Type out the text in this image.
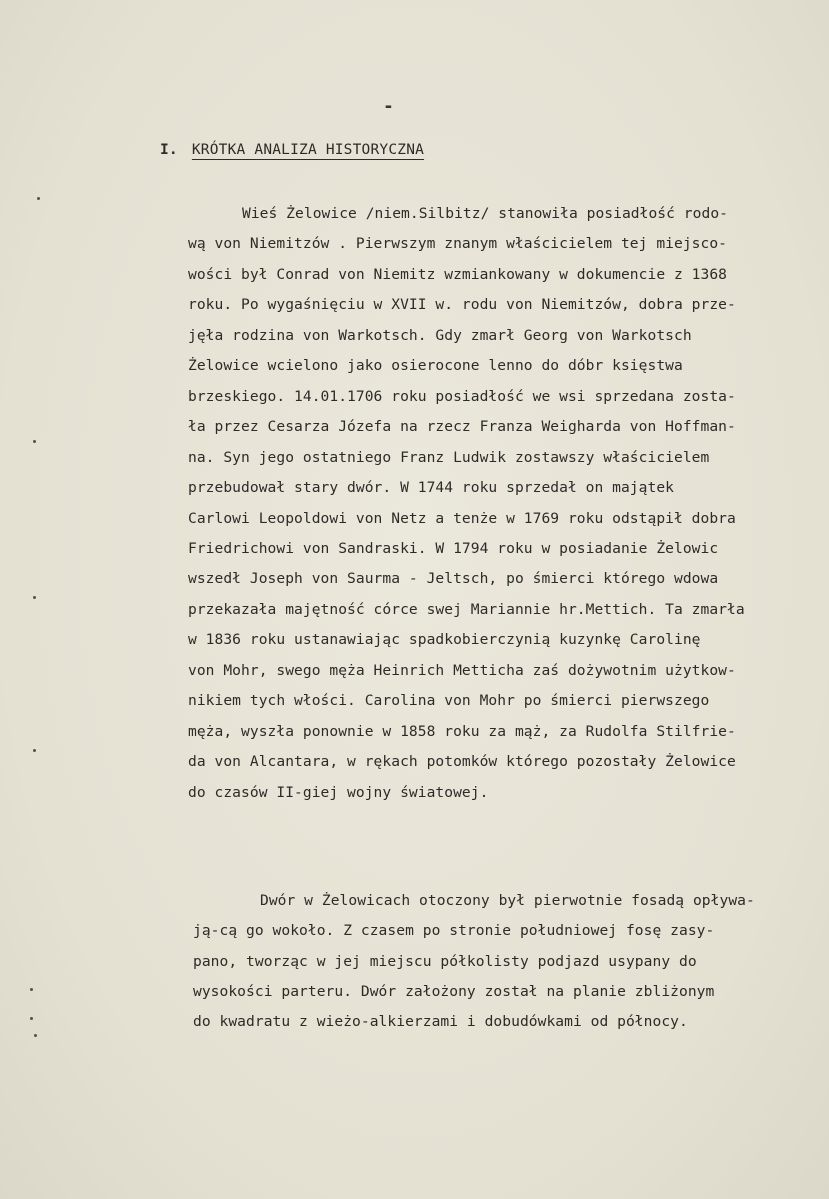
-
I. KRÓTKA ANALIZA HISTORYCZNA
Wieś Żelowice /niem.Silbitz/ stanowiła posiadłość rodo-
wą von Niemitzów . Pierwszym znanym właścicielem tej miejsco-
wości był Conrad von Niemitz wzmiankowany w dokumencie z 1368
roku. Po wygaśnięciu w XVII w. rodu von Niemitzów, dobra prze-
jęła rodzina von Warkotsch. Gdy zmarł Georg von Warkotsch
Żelowice wcielono jako osierocone lenno do dóbr księstwa
brzeskiego. 14.01.1706 roku posiadłość we wsi sprzedana zosta-
ła przez Cesarza Józefa na rzecz Franza Weigharda von Hoffman-
na. Syn jego ostatniego Franz Ludwik zostawszy właścicielem
przebudował stary dwór. W 1744 roku sprzedał on majątek
Carlowi Leopoldowi von Netz a tenże w 1769 roku odstąpił dobra
Friedrichowi von Sandraski. W 1794 roku w posiadanie Żelowic
wszedł Joseph von Saurma - Jeltsch, po śmierci którego wdowa
przekazała majętność córce swej Mariannie hr.Mettich. Ta zmarła
w 1836 roku ustanawiając spadkobierczynią kuzynkę Carolinę
von Mohr, swego męża Heinrich Metticha zaś dożywotnim użytkow-
nikiem tych włości. Carolina von Mohr po śmierci pierwszego
męża, wyszła ponownie w 1858 roku za mąż, za Rudolfa Stilfrie-
da von Alcantara, w rękach potomków którego pozostały Żelowice
do czasów II-giej wojny światowej.
Dwór w Żelowicach otoczony był pierwotnie fosadą opływa-
ją-cą go wokoło. Z czasem po stronie południowej fosę zasy-
pano, tworząc w jej miejscu półkolisty podjazd usypany do
wysokości parteru. Dwór założony został na planie zbliżonym
do kwadratu z wieżo-alkierzami i dobudówkami od północy.
